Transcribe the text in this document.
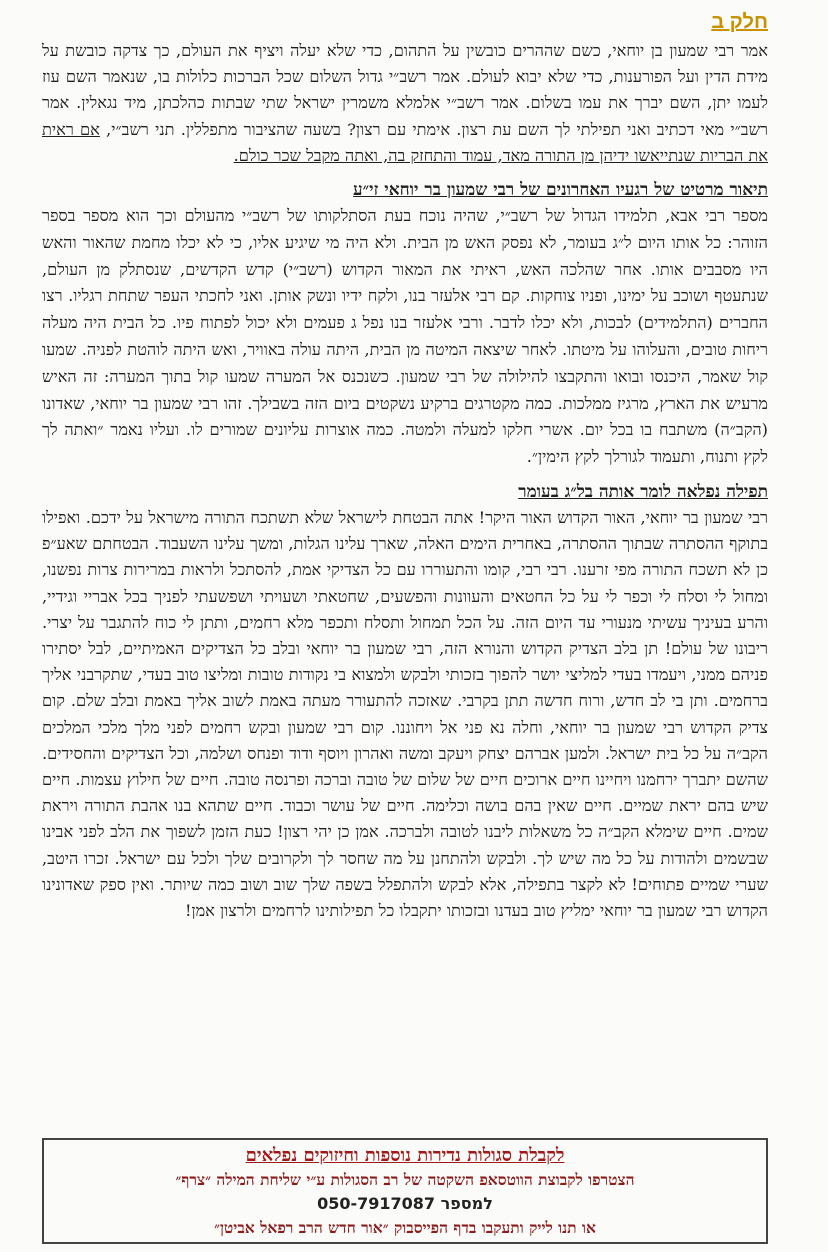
חלק ב

אמר רבי שמעון בן יוחאי, כשם שההרים כובשין על התהום, כדי שלא יעלה ויציף את העולם, כך צדקה כובשת על מידת הדין ועל הפורענות, כדי שלא יבוא לעולם. אמר רשב״י גדול השלום שכל הברכות כלולות בו, שנאמר השם עוז לעמו יתן, השם יברך את עמו בשלום. אמר רשב״י אלמלא משמרין ישראל שתי שבתות כהלכתן, מיד נגאלין. אמר רשב״י מאי דכתיב ואני תפילתי לך השם עת רצון. אימתי עם רצון? בשעה שהציבור מתפללין. תני רשב״י, אם ראית את הבריות שנתייאשו ידיהן מן התורה מאד, עמוד והתחזק בה, ואתה מקבל שכר כולם.

תיאור מרטיט של רגעיו האחרונים של רבי שמעון בר יוחאי זי״ע

מספר רבי אבא, תלמידו הגדול של רשב״י, שהיה נוכח בעת הסתלקותו של רשב״י מהעולם וכך הוא מספר בספר הזוהר: כל אותו היום ל״ג בעומר, לא נפסק האש מן הבית. ולא היה מי שיגיע אליו, כי לא יכלו מחמת שהאור והאש היו מסבבים אותו. אחר שהלכה האש, ראיתי את המאור הקדוש (רשב״י) קדש הקדשים, שנסתלק מן העולם, שנתעטף ושוכב על ימינו, ופניו צוחקות. קם רבי אלעזר בנו, ולקח ידיו ונשק אותן. ואני לחכתי העפר שתחת רגליו. רצו החברים (התלמידים) לבכות, ולא יכלו לדבר. ורבי אלעזר בנו נפל ג פעמים ולא יכול לפתוח פיו. כל הבית היה מעלה ריחות טובים, והעלוהו על מיטתו. לאחר שיצאה המיטה מן הבית, היתה עולה באוויר, ואש היתה לוהטת לפניה. שמעו קול שאמר, היכנסו ובואו והתקבצו להילולה של רבי שמעון. כשנכנס אל המערה שמעו קול בתוך המערה: זה האיש מרעיש את הארץ, מרגיז ממלכות. כמה מקטרגים ברקיע נשקטים ביום הזה בשבילך. זהו רבי שמעון בר יוחאי, שאדונו (הקב״ה) משתבח בו בכל יום. אשרי חלקו למעלה ולמטה. כמה אוצרות עליונים שמורים לו. ועליו נאמר ״ואתה לך לקץ ותנוח, ותעמוד לגורלך לקץ הימין״.

תפילה נפלאה לומר אותה בל״ג בעומר

רבי שמעון בר יוחאי, האור הקדוש האור היקר! אתה הבטחת לישראל שלא תשתכח התורה מישראל על ידכם. ואפילו בתוקף ההסתרה שבתוך ההסתרה, באחרית הימים האלה, שארך עלינו הגלות, ומשך עלינו השעבוד. הבטחתם שאע״פ כן לא תשכח התורה מפי זרענו. רבי רבי, קומו והתעוררו עם כל הצדיקי אמת, להסתכל ולראות במרירות צרות נפשנו, ומחול לי וסלח לי וכפר לי על כל החטאים והעוונות והפשעים, שחטאתי ושעויתי ושפשעתי לפניך בכל אבריי וגידיי, והרע בעיניך עשיתי מנעורי עד היום הזה. על הכל תמחול ותסלח ותכפר מלא רחמים, ותתן לי כוח להתגבר על יצרי. ריבונו של עולם! תן בלב הצדיק הקדוש והנורא הזה, רבי שמעון בר יוחאי ובלב כל הצדיקים האמיתיים, לבל יסתירו פניהם ממני, ויעמדו בעדי למליצי יושר להפוך בזכותי ולבקש ולמצוא בי נקודות טובות ומליצו טוב בעדי, שתקרבני אליך ברחמים. ותן בי לב חדש, ורוח חדשה תתן בקרבי. שאזכה להתעורר מעתה באמת לשוב אליך באמת ובלב שלם. קום צדיק הקדוש רבי שמעון בר יוחאי, וחלה נא פני אל ויחוננו. קום רבי שמעון ובקש רחמים לפני מלך מלכי המלכים הקב״ה על כל בית ישראל. ולמען אברהם יצחק ויעקב ומשה ואהרון ויוסף ודוד ופנחס ושלמה, וכל הצדיקים והחסידים. שהשם יתברך ירחמנו ויחיינו חיים ארוכים חיים של שלום של טובה וברכה ופרנסה טובה. חיים של חילוץ עצמות. חיים שיש בהם יראת שמיים. חיים שאין בהם בושה וכלימה. חיים של עושר וכבוד. חיים שתהא בנו אהבת התורה ויראת שמים. חיים שימלא הקב״ה כל משאלות ליבנו לטובה ולברכה. אמן כן יהי רצון! כעת הזמן לשפוך את הלב לפני אבינו שבשמים ולהודות על כל מה שיש לך. ולבקש ולהתחנן על מה שחסר לך ולקרובים שלך ולכל עם ישראל. זכרו היטב, שערי שמיים פתוחים! לא לקצר בתפילה, אלא לבקש ולהתפלל בשפה שלך שוב ושוב כמה שיותר. ואין ספק שאדונינו הקדוש רבי שמעון בר יוחאי ימליץ טוב בעדנו ובזכותו יתקבלו כל תפילותינו לרחמים ולרצון אמן!

לקבלת סגולות נדירות נוספות וחיזוקים נפלאים
הצטרפו לקבוצת הווטסאפ השקטה של רב הסגולות ע״י שליחת המילה ״צרף״
למספר 050-7917087
או תנו לייק ותעקבו בדף הפייסבוק ״אור חדש הרב רפאל אביטן״
